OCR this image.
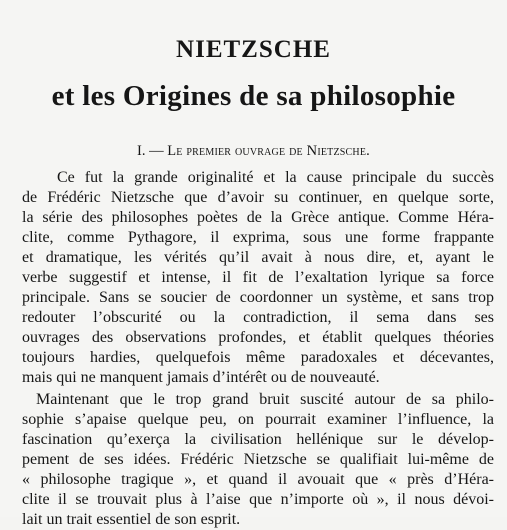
NIETZSCHE
et les Origines de sa philosophie
I. — Le premier ouvrage de Nietzsche.
Ce fut la grande originalité et la cause principale du succès
de Frédéric Nietzsche que d’avoir su continuer, en quelque sorte,
la série des philosophes poètes de la Grèce antique. Comme Héra-
clite, comme Pythagore, il exprima, sous une forme frappante
et dramatique, les vérités qu’il avait à nous dire, et, ayant le
verbe suggestif et intense, il fit de l’exaltation lyrique sa force
principale. Sans se soucier de coordonner un système, et sans trop
redouter l’obscurité ou la contradiction, il sema dans ses
ouvrages des observations profondes, et établit quelques théories
toujours hardies, quelquefois même paradoxales et décevantes,
mais qui ne manquent jamais d’intérêt ou de nouveauté.
Maintenant que le trop grand bruit suscité autour de sa philo-
sophie s’apaise quelque peu, on pourrait examiner l’influence, la
fascination qu’exerça la civilisation hellénique sur le dévelop-
pement de ses idées. Frédéric Nietzsche se qualifiait lui-même de
« philosophe tragique », et quand il avouait que « près d’Héra-
clite il se trouvait plus à l’aise que n’importe où », il nous dévoi-
lait un trait essentiel de son esprit.
